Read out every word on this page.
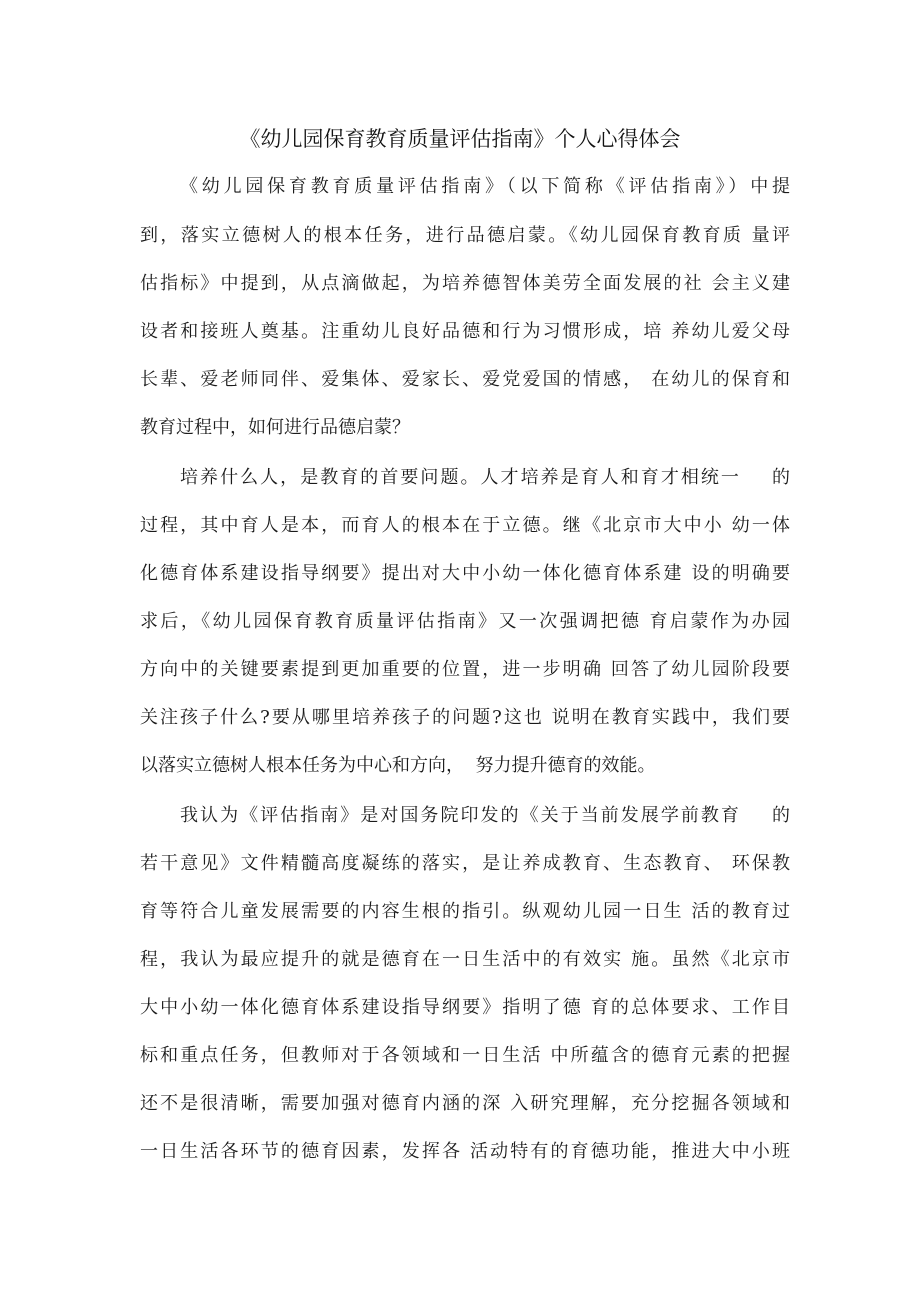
《幼儿园保育教育质量评估指南》个人心得体会
《幼儿园保育教育质量评估指南》（以下简称《评估指南》）中提
到，落实立德树人的根本任务，进行品德启蒙。《幼儿园保育教育质 量评
估指标》中提到，从点滴做起，为培养德智体美劳全面发展的社 会主义建
设者和接班人奠基。注重幼儿良好品德和行为习惯形成，培 养幼儿爱父母
长辈、爱老师同伴、爱集体、爱家长、爱党爱国的情感， 在幼儿的保育和
教育过程中，如何进行品德启蒙？
培养什么人，是教育的首要问题。人才培养是育人和育才相统一    的
过程，其中育人是本，而育人的根本在于立德。继《北京市大中小 幼一体
化德育体系建设指导纲要》提出对大中小幼一体化德育体系建 设的明确要
求后，《幼儿园保育教育质量评估指南》又一次强调把德 育启蒙作为办园
方向中的关键要素提到更加重要的位置，进一步明确 回答了幼儿园阶段要
关注孩子什么?要从哪里培养孩子的问题?这也 说明在教育实践中，我们要
以落实立德树人根本任务为中心和方向，  努力提升德育的效能。
我认为《评估指南》是对国务院印发的《关于当前发展学前教育    的
若干意见》文件精髓高度凝练的落实，是让养成教育、生态教育、 环保教
育等符合儿童发展需要的内容生根的指引。纵观幼儿园一日生 活的教育过
程，我认为最应提升的就是德育在一日生活中的有效实 施。虽然《北京市
大中小幼一体化德育体系建设指导纲要》指明了德 育的总体要求、工作目
标和重点任务，但教师对于各领域和一日生活 中所蕴含的德育元素的把握
还不是很清晰，需要加强对德育内涵的深 入研究理解，充分挖掘各领域和
一日生活各环节的德育因素，发挥各 活动特有的育德功能，推进大中小班
